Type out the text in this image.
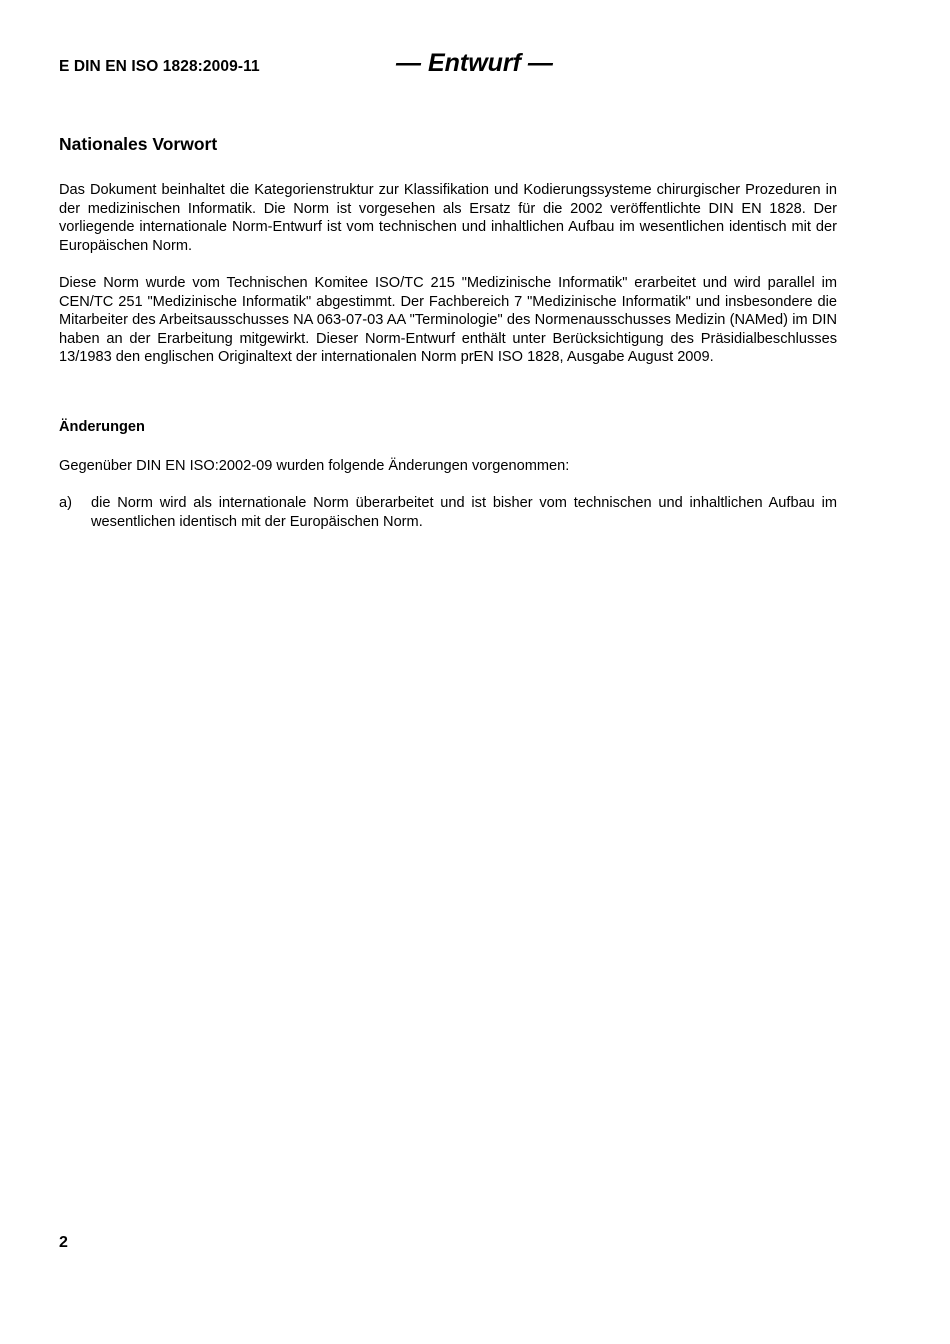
E DIN EN ISO 1828:2009-11	— Entwurf —
Nationales Vorwort

Das Dokument beinhaltet die Kategorienstruktur zur Klassifikation und Kodierungssysteme chirurgischer Prozeduren in der medizinischen Informatik. Die Norm ist vorgesehen als Ersatz für die 2002 veröffentlichte DIN EN 1828. Der vorliegende internationale Norm-Entwurf ist vom technischen und inhaltlichen Aufbau im wesentlichen identisch mit der Europäischen Norm.

Diese Norm wurde vom Technischen Komitee ISO/TC 215 "Medizinische Informatik" erarbeitet und wird parallel im CEN/TC 251 "Medizinische Informatik" abgestimmt. Der Fachbereich 7 "Medizinische Informatik" und insbesondere die Mitarbeiter des Arbeitsausschusses NA 063-07-03 AA "Terminologie" des Normenausschusses Medizin (NAMed) im DIN haben an der Erarbeitung mitgewirkt. Dieser Norm-Entwurf enthält unter Berücksichtigung des Präsidialbeschlusses 13/1983 den englischen Originaltext der internationalen Norm prEN ISO 1828, Ausgabe August 2009.

Änderungen
Gegenüber DIN EN ISO:2002-09 wurden folgende Änderungen vorgenommen:
a) die Norm wird als internationale Norm überarbeitet und ist bisher vom technischen und inhaltlichen Aufbau im wesentlichen identisch mit der Europäischen Norm.
2
